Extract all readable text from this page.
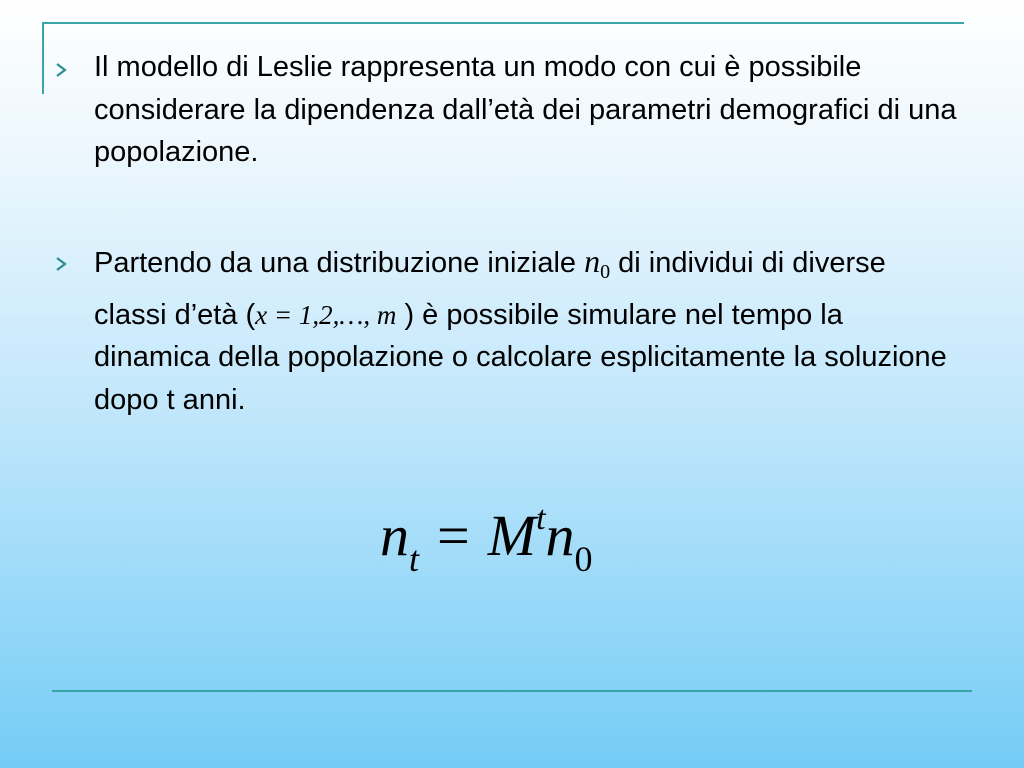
Il modello di Leslie rappresenta un modo con cui è possibile considerare la dipendenza dall’età dei parametri demografici di una popolazione.
Partendo da una distribuzione iniziale $n_0$ di individui di diverse classi d’età (x = 1,2,…, m ) è possibile simulare nel tempo la dinamica della popolazione o calcolare esplicitamente la soluzione dopo t anni.
$n_t = M^tn_0$
